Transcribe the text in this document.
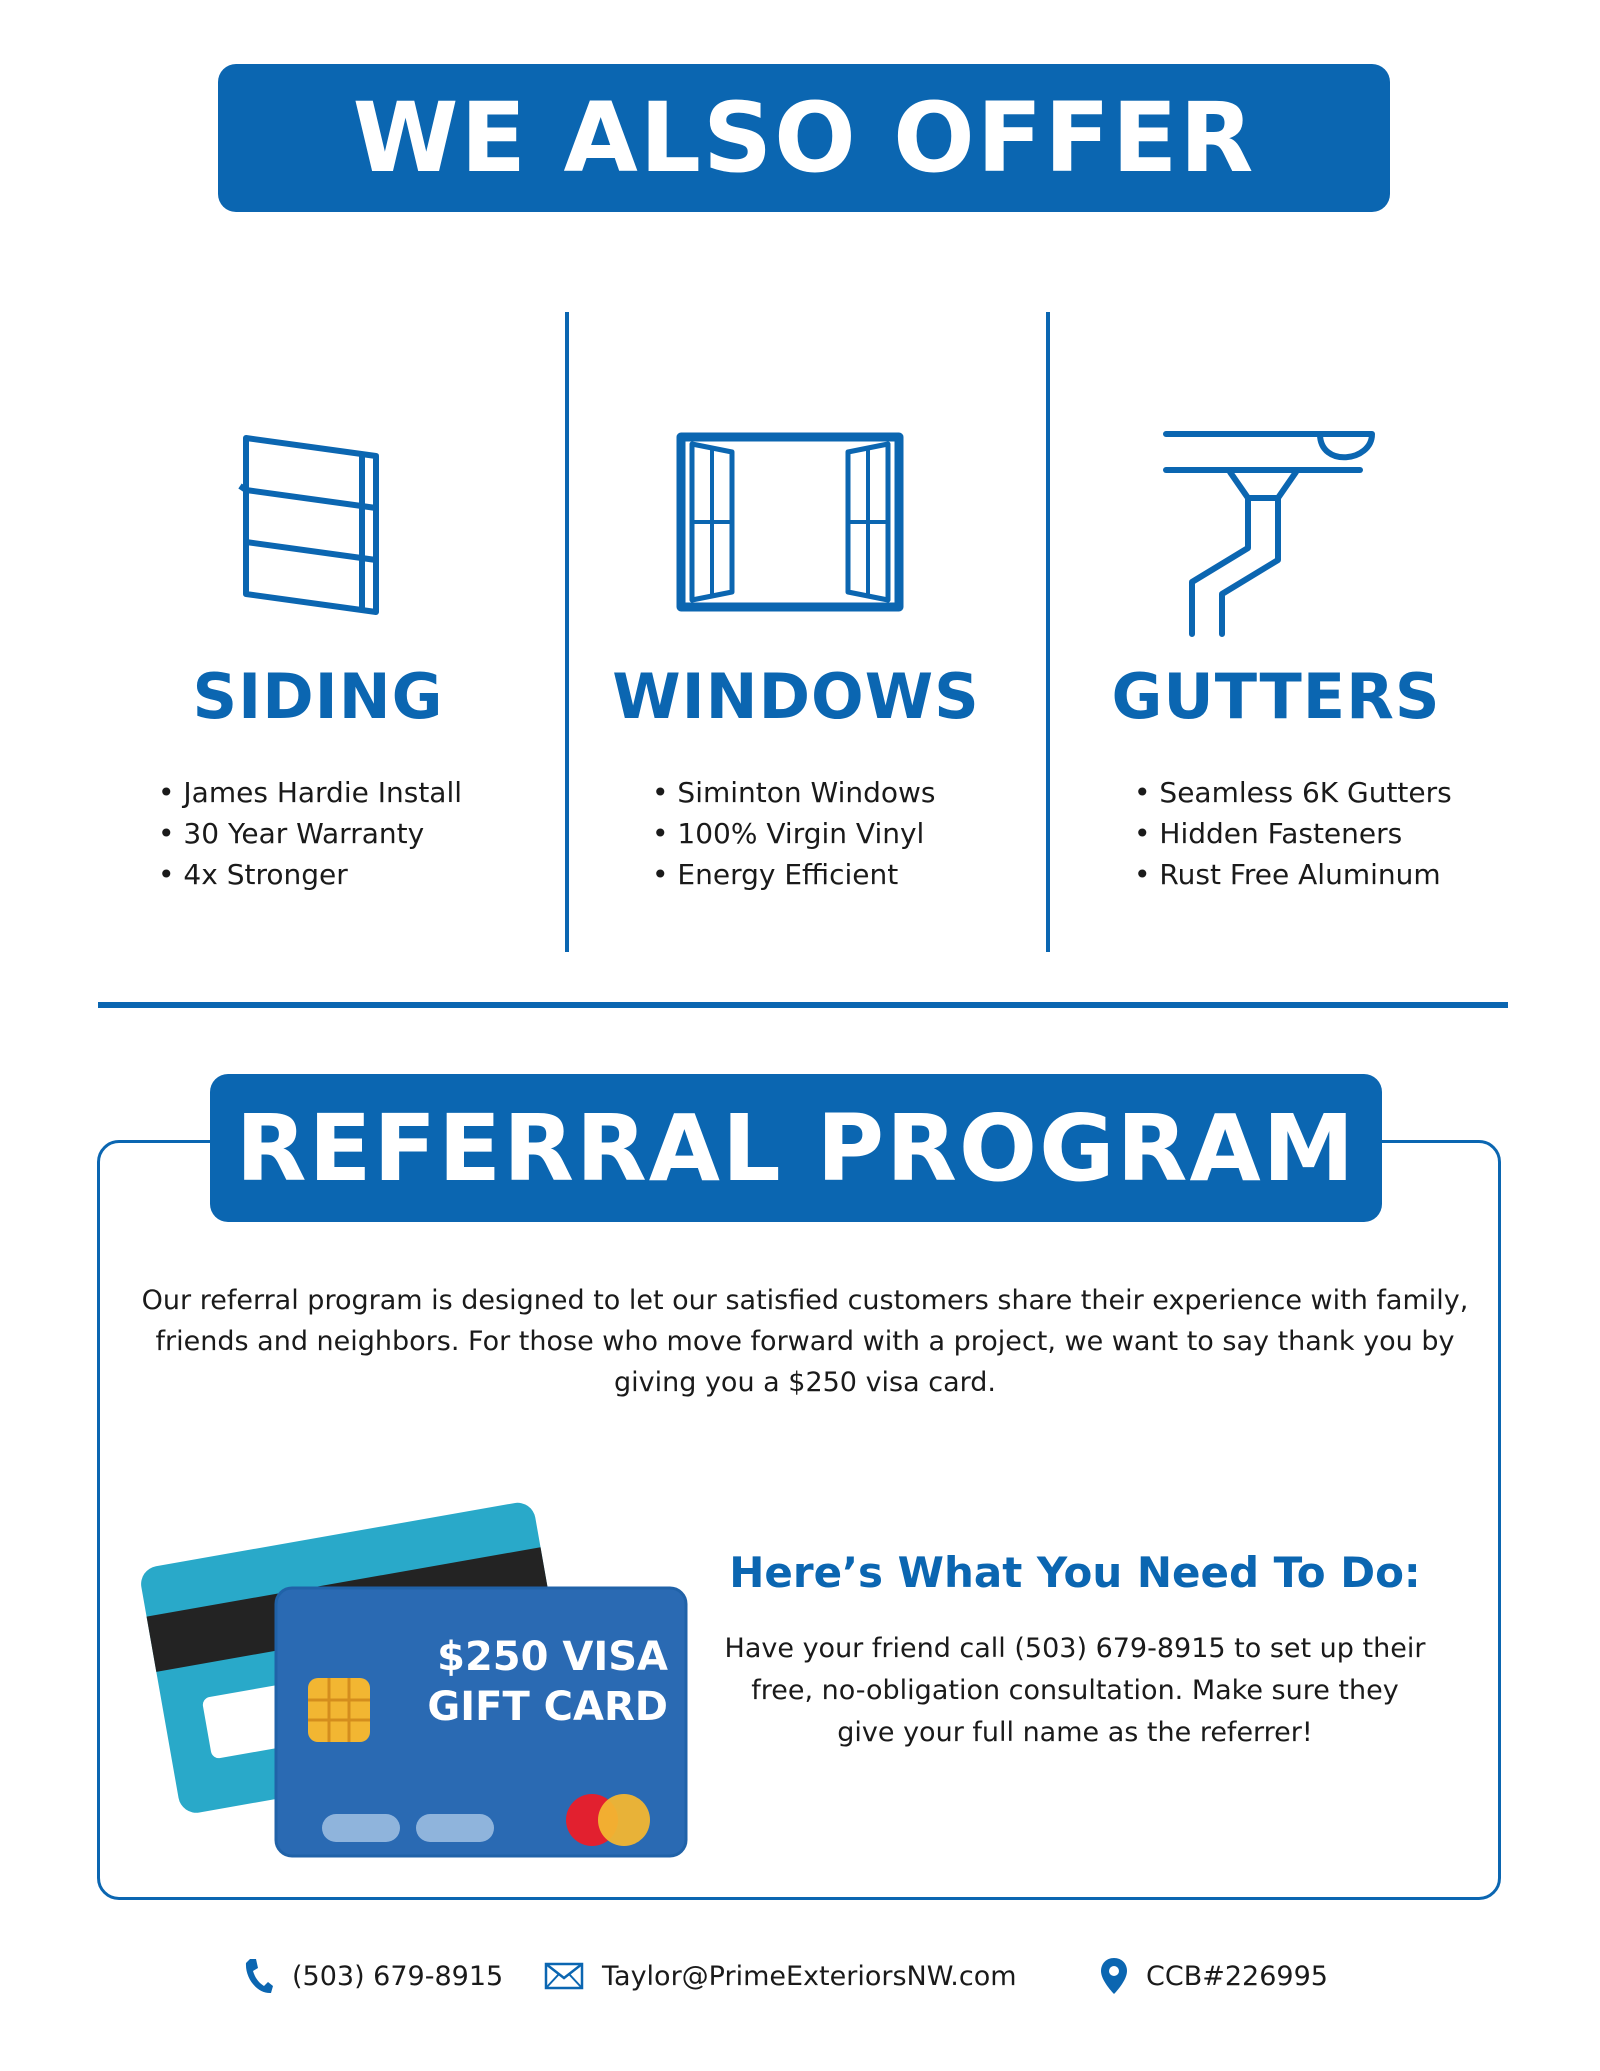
WE ALSO OFFER
SIDING	WINDOWS	GUTTERS
• James Hardie Install
• 30 Year Warranty
• 4x Stronger
• Siminton Windows
• 100% Virgin Vinyl
• Energy Efficient
• Seamless 6K Gutters
• Hidden Fasteners
• Rust Free Aluminum
REFERRAL PROGRAM
Our referral program is designed to let our satisfied customers share their experience with family, friends and neighbors. For those who move forward with a project, we want to say thank you by giving you a $250 visa card.
$250 VISA
GIFT CARD
Here’s What You Need To Do:
Have your friend call (503) 679-8915 to set up their free, no-obligation consultation. Make sure they give your full name as the referrer!
(503) 679-8915	Taylor@PrimeExteriorsNW.com	CCB#226995
